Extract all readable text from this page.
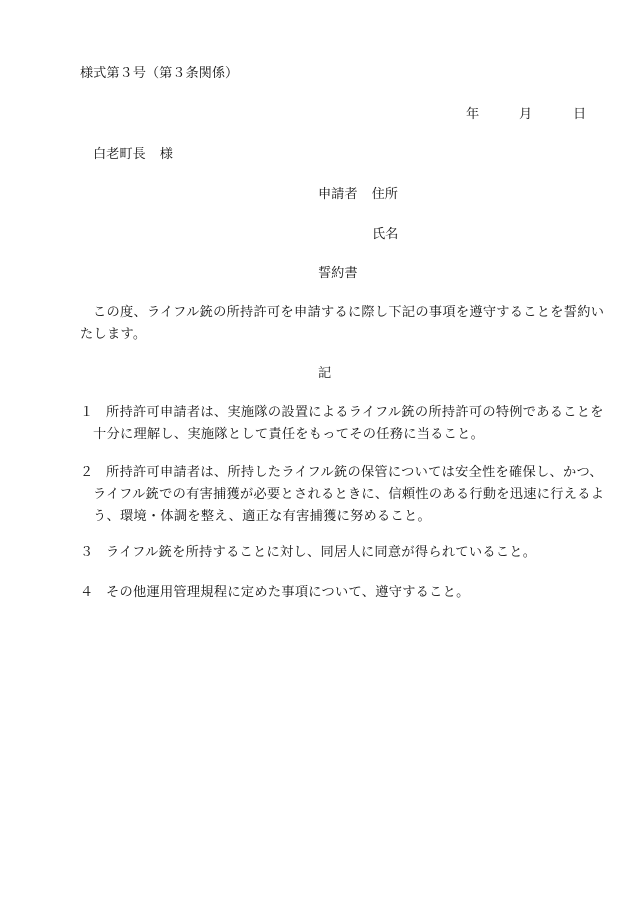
様式第３号（第３条関係）
年	月	日
白老町長 様
申請者 住所
氏名
誓約書
この度、ライフル銃の所持許可を申請するに際し下記の事項を遵守することを誓約いたします。
記
１ 所持許可申請者は、実施隊の設置によるライフル銃の所持許可の特例であることを十分に理解し、実施隊として責任をもってその任務に当ること。
２ 所持許可申請者は、所持したライフル銃の保管については安全性を確保し、かつ、ライフル銃での有害捕獲が必要とされるときに、信頼性のある行動を迅速に行えるよう、環境・体調を整え、適正な有害捕獲に努めること。
３ ライフル銃を所持することに対し、同居人に同意が得られていること。
４ その他運用管理規程に定めた事項について、遵守すること。
